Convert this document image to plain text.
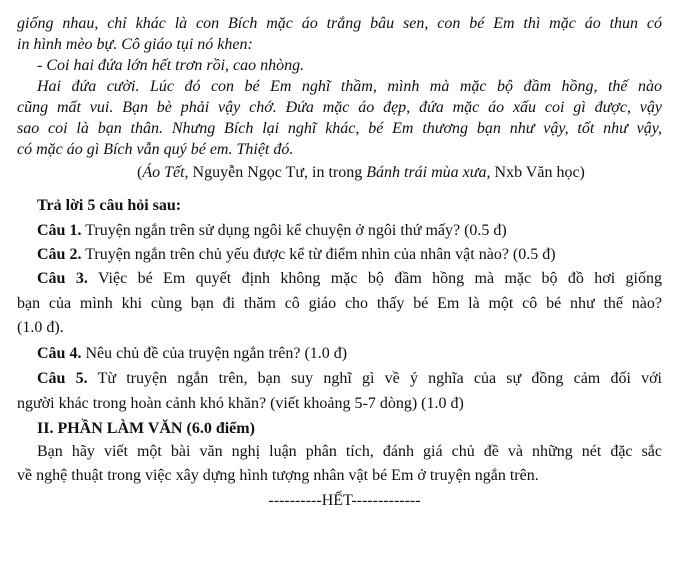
giống nhau, chỉ khác là con Bích mặc áo trắng bâu sen, con bé Em thì mặc áo thun có
in hình mèo bự. Cô giáo tụi nó khen:
- Coi hai đứa lớn hết trơn rồi, cao nhòng.
Hai đứa cười. Lúc đó con bé Em nghĩ thầm, mình mà mặc bộ đầm hồng, thế nào
cũng mất vui. Bạn bè phải vậy chớ. Đứa mặc áo đẹp, đứa mặc áo xấu coi gì được, vậy
sao coi là bạn thân. Nhưng Bích lại nghĩ khác, bé Em thương bạn như vậy, tốt như vậy,
có mặc áo gì Bích vẫn quý bé em. Thiệt đó.
(Áo Tết, Nguyễn Ngọc Tư, in trong Bánh trái mùa xưa, Nxb Văn học)
Trả lời 5 câu hỏi sau:
Câu 1. Truyện ngắn trên sử dụng ngôi kể chuyện ở ngôi thứ mấy? (0.5 đ)
Câu 2. Truyện ngắn trên chủ yếu được kể từ điểm nhìn của nhân vật nào? (0.5 đ)
Câu 3. Việc bé Em quyết định không mặc bộ đầm hồng mà mặc bộ đồ hơi giống
bạn của mình khi cùng bạn đi thăm cô giáo cho thấy bé Em là một cô bé như thế nào?
(1.0 đ).
Câu 4. Nêu chủ đề của truyện ngắn trên? (1.0 đ)
Câu 5. Từ truyện ngắn trên, bạn suy nghĩ gì về ý nghĩa của sự đồng cảm đối với
người khác trong hoàn cảnh khó khăn? (viết khoảng 5-7 dòng) (1.0 đ)
II. PHẦN LÀM VĂN (6.0 điểm)
Bạn hãy viết một bài văn nghị luận phân tích, đánh giá chủ đề và những nét đặc sắc
về nghệ thuật trong việc xây dựng hình tượng nhân vật bé Em ở truyện ngắn trên.
----------HẾT-------------
